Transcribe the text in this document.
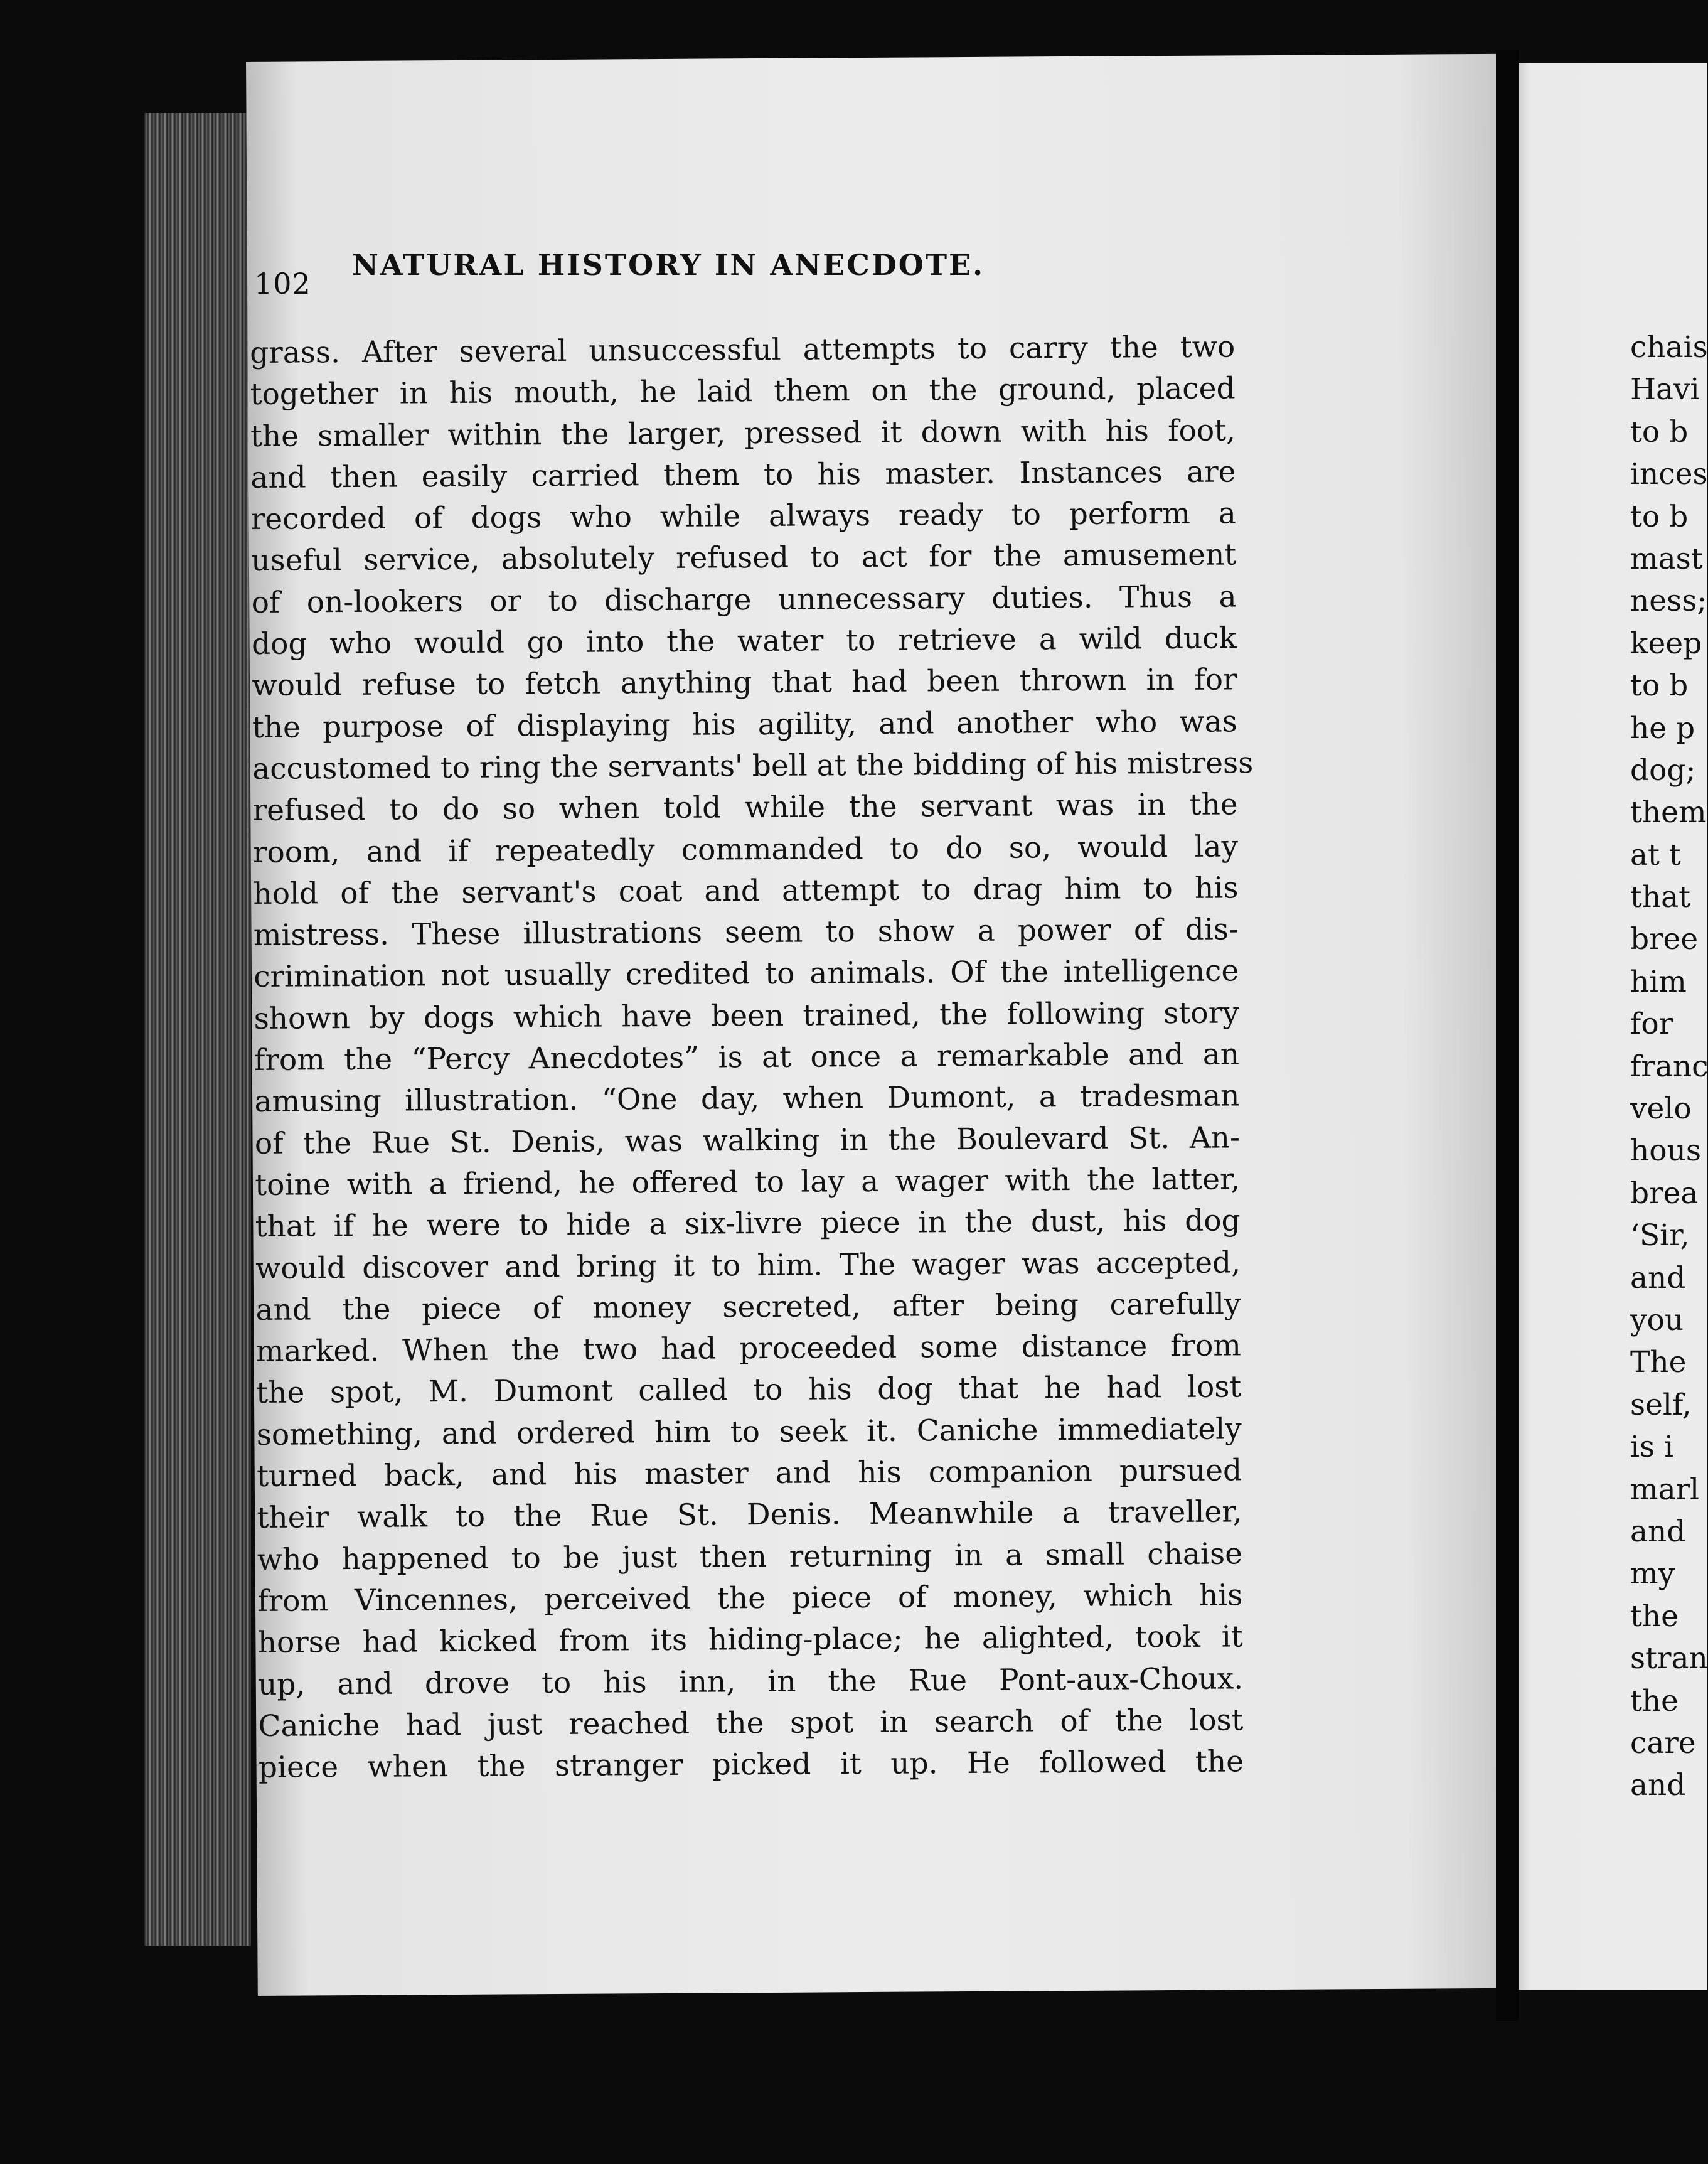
102
NATURAL HISTORY IN ANECDOTE.
grass. After several unsuccessful attempts to carry the two
together in his mouth, he laid them on the ground, placed
the smaller within the larger, pressed it down with his foot,
and then easily carried them to his master. Instances are
recorded of dogs who while always ready to perform a
useful service, absolutely refused to act for the amusement
of on-lookers or to discharge unnecessary duties. Thus a
dog who would go into the water to retrieve a wild duck
would refuse to fetch anything that had been thrown in for
the purpose of displaying his agility, and another who was
accustomed to ring the servants' bell at the bidding of his mistress
refused to do so when told while the servant was in the
room, and if repeatedly commanded to do so, would lay
hold of the servant's coat and attempt to drag him to his
mistress. These illustrations seem to show a power of dis-
crimination not usually credited to animals. Of the intelligence
shown by dogs which have been trained, the following story
from the “Percy Anecdotes” is at once a remarkable and an
amusing illustration. “One day, when Dumont, a tradesman
of the Rue St. Denis, was walking in the Boulevard St. An-
toine with a friend, he offered to lay a wager with the latter,
that if he were to hide a six-livre piece in the dust, his dog
would discover and bring it to him. The wager was accepted,
and the piece of money secreted, after being carefully
marked. When the two had proceeded some distance from
the spot, M. Dumont called to his dog that he had lost
something, and ordered him to seek it. Caniche immediately
turned back, and his master and his companion pursued
their walk to the Rue St. Denis. Meanwhile a traveller,
who happened to be just then returning in a small chaise
from Vincennes, perceived the piece of money, which his
horse had kicked from its hiding-place; he alighted, took it
up, and drove to his inn, in the Rue Pont-aux-Choux.
Caniche had just reached the spot in search of the lost
piece when the stranger picked it up. He followed the
chais
Havi
to b
inces
to b
mast
ness;
keep
to b
he p
dog;
them
at t
that
bree
him
for
franc
velo
hous
brea
‘Sir,
and
you
The
self,
is i
marl
and
my
the
stran
the
care
and
